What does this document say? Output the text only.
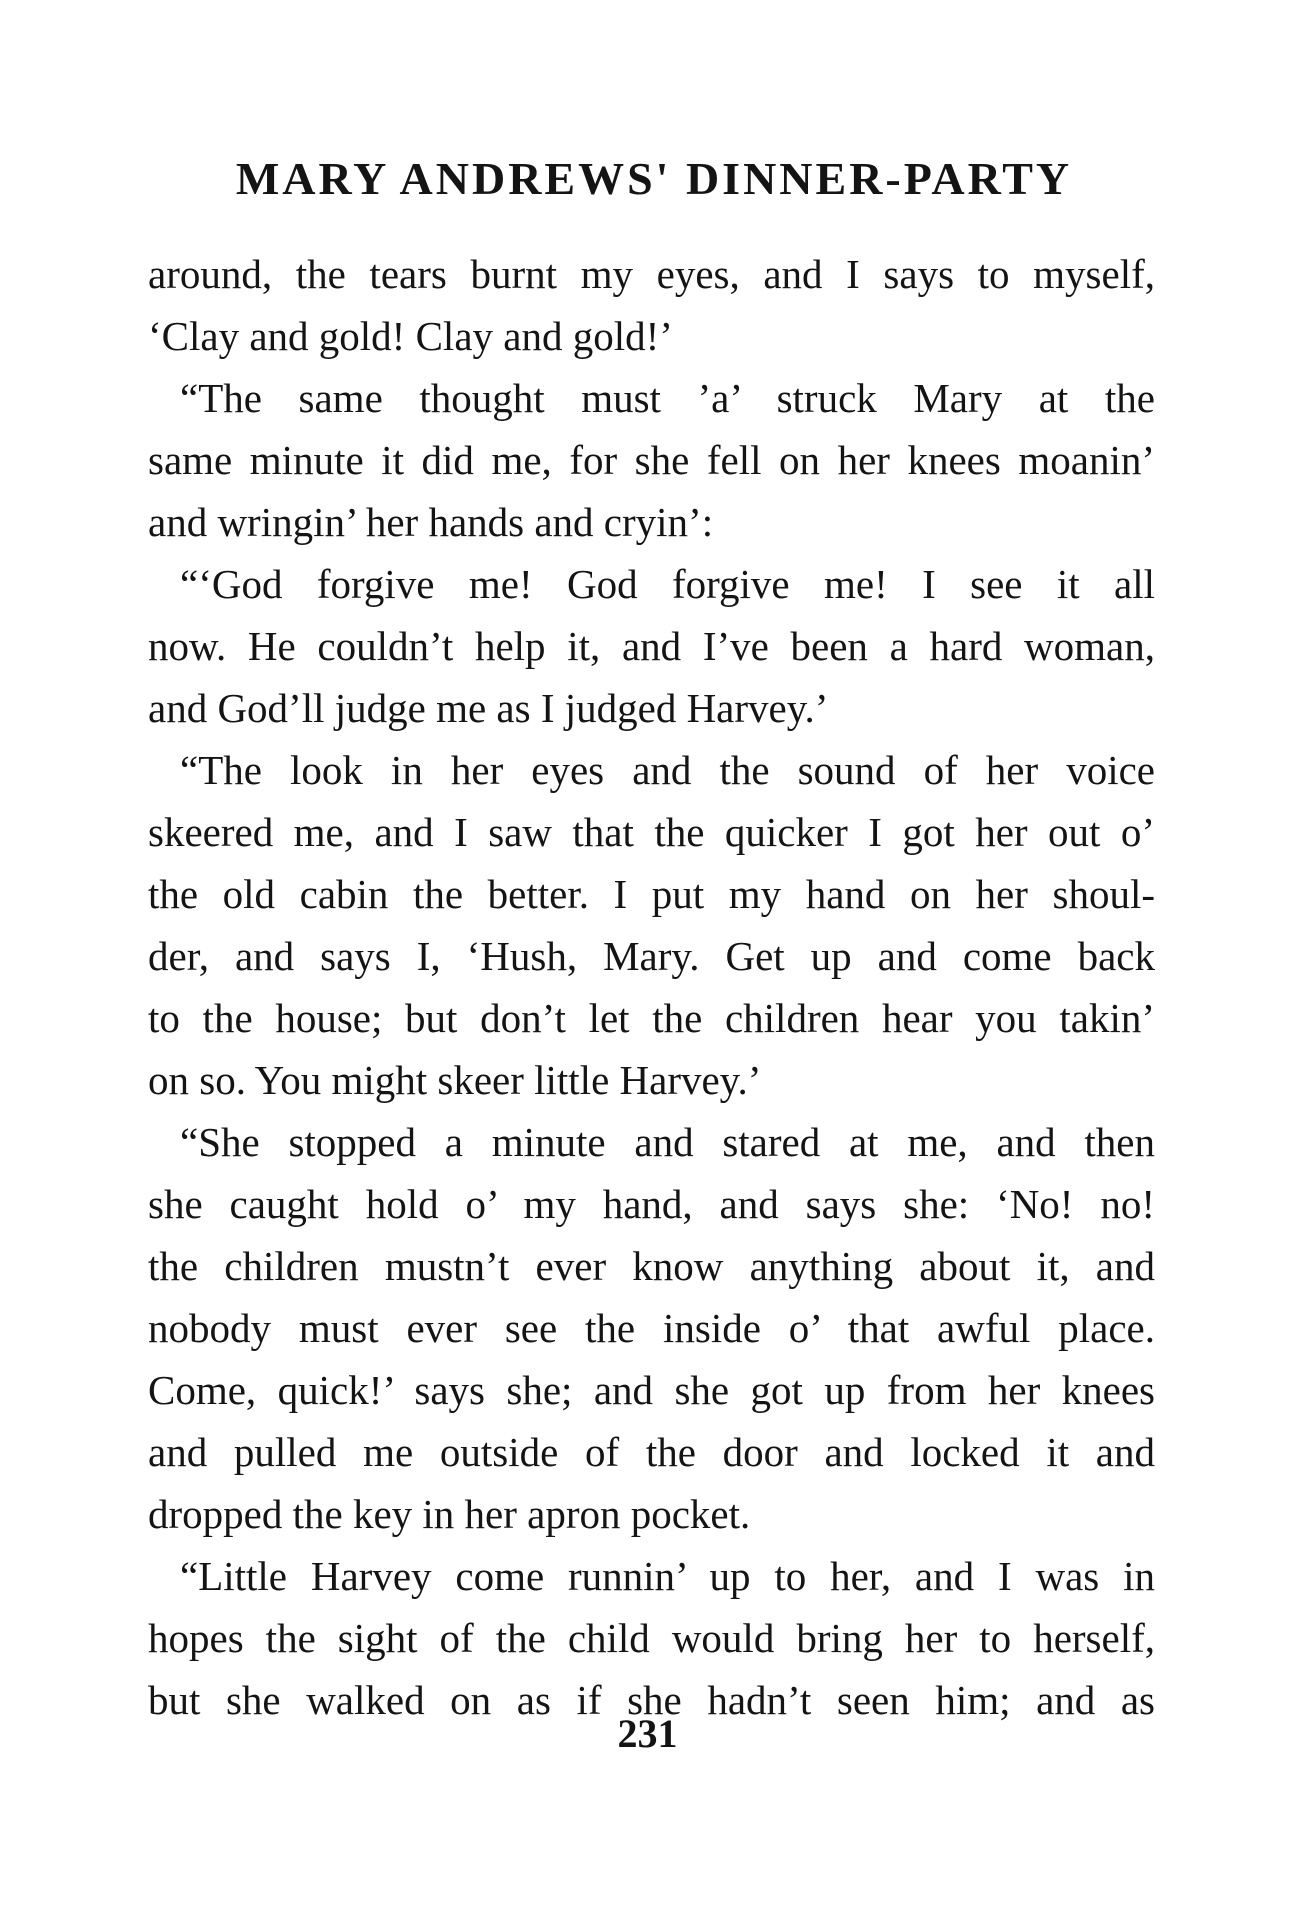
MARY ANDREWS' DINNER-PARTY
around, the tears burnt my eyes, and I says to myself,
‘Clay and gold! Clay and gold!’
“The same thought must ’a’ struck Mary at the
same minute it did me, for she fell on her knees moanin’
and wringin’ her hands and cryin’:
“‘God forgive me! God forgive me! I see it all
now. He couldn’t help it, and I’ve been a hard woman,
and God’ll judge me as I judged Harvey.’
“The look in her eyes and the sound of her voice
skeered me, and I saw that the quicker I got her out o’
the old cabin the better. I put my hand on her shoul-
der, and says I, ‘Hush, Mary. Get up and come back
to the house; but don’t let the children hear you takin’
on so. You might skeer little Harvey.’
“She stopped a minute and stared at me, and then
she caught hold o’ my hand, and says she: ‘No! no!
the children mustn’t ever know anything about it, and
nobody must ever see the inside o’ that awful place.
Come, quick!’ says she; and she got up from her knees
and pulled me outside of the door and locked it and
dropped the key in her apron pocket.
“Little Harvey come runnin’ up to her, and I was in
hopes the sight of the child would bring her to herself,
but she walked on as if she hadn’t seen him; and as
231
